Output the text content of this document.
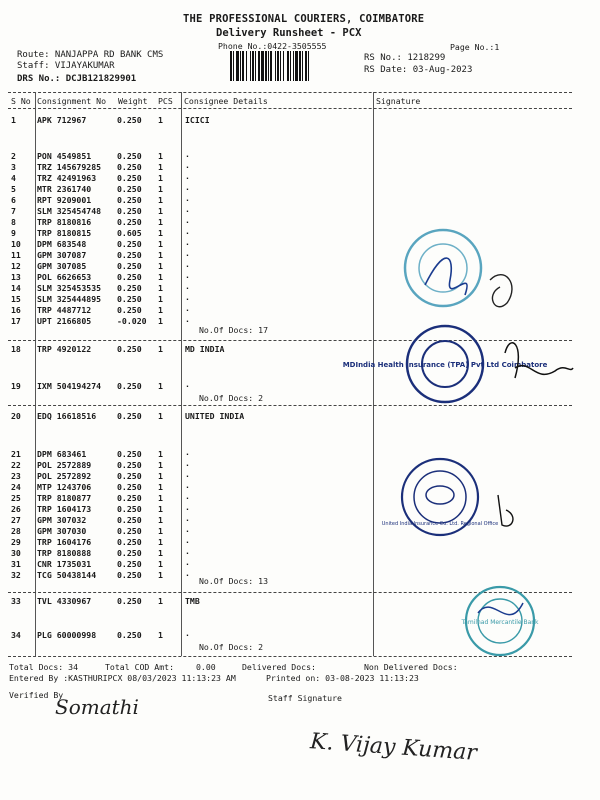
THE PROFESSIONAL COURIERS, COIMBATORE
Delivery Runsheet - PCX
Phone No.:0422-3505555	Page No.:1
Route: NANJAPPA RD BANK CMS
Staff: VIJAYAKUMAR
DRS No.: DCJB121829901
RS No.: 1218299
RS Date: 03-Aug-2023
S No Consignment No Weight PCS Consignee Details	Signature
1	APK 712967	0.250 1	ICICI
2	PON 4549851	0.250 1	.
3	TRZ 145679285 0.250 1	.
4	TRZ 42491963	0.250 1	.
5	MTR 2361740	0.250 1	.
6	RPT 9209001	0.250 1	.
7	SLM 325454748 0.250 1	.
8	TRP 8180816	0.250 1	.
9	TRP 8180815	0.605 1	.
10 DPM 683548	0.250 1	.
11 GPM 307087	0.250 1	.
12 GPM 307085	0.250 1	.
13 POL 6626653	0.250 1	.
14 SLM 325453535 0.250 1	.
15 SLM 325444895 0.250 1	.
16 TRP 4487712	0.250 1	.
17 UPT 2166805	-0.020 1	.
No.Of Docs: 17
18 TRP 4920122	0.250 1	MD INDIA
19 IXM 504194274 0.250 1	.
No.Of Docs: 2
20 EDQ 16618516	0.250 1	UNITED INDIA
21 DPM 683461	0.250 1	.
22 POL 2572889	0.250 1	.
23 POL 2572892	0.250 1	.
24 MTP 1243706	0.250 1	.
25 TRP 8180877	0.250 1	.
26 TRP 1604173	0.250 1	.
27 GPM 307032	0.250 1	.
28 GPM 307030	0.250 1	.
29 TRP 1604176	0.250 1	.
30 TRP 8180888	0.250 1	.
31 CNR 1735031	0.250 1	.
32 TCG 50438144	0.250 1	.
No.Of Docs: 13
33 TVL 4330967	0.250 1	TMB
34 PLG 60000998	0.250 1	.
No.Of Docs: 2
MDIndia Health Insurance (TPA) Pvt Ltd Coimbatore
United India Insurance Co. Ltd. Regional Office
Tamilnad Mercantile Bank
Total Docs: 34	Total COD Amt:	0.00	Delivered Docs:	Non Delivered Docs:
Entered By :KASTHURIPCX 08/03/2023 11:13:23 AM	Printed on: 03-08-2023 11:13:23
Verified By	Staff Signature
Somathi
K. Vijay Kumar
